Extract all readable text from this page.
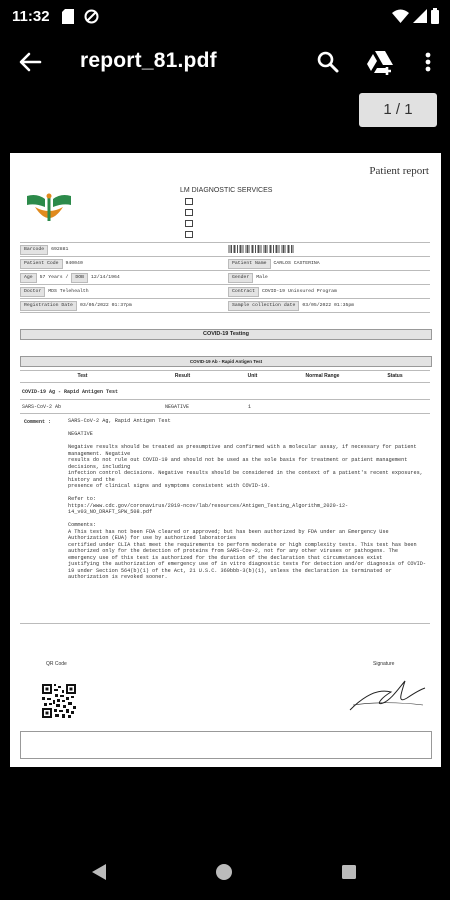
11:32
report_81.pdf
1 / 1
Patient report
LM DIAGNOSTIC SERVICES
Barcode 692881
Patient Code 940040	Patient Name CARLOS CASTERINA
Age 57 Years / DOB 12/14/1964	Gender Male
Doctor MDS Telehealth	Contract COVID-19 Uninsured Program
Registration Date 03/05/2022 01:37pm	Sample collection date 03/05/2022 01:35pm
COVID-19 Testing
COVID-19 Ab - Rapid Antigen Test
Test	Result	Unit	Normal Range	Status
COVID-19 Ag - Rapid Antigen Test
SARS-CoV-2 Ab	NEGATIVE	1
Comment :	SARS-CoV-2 Ag, Rapid Antigen Test

NEGATIVE

Negative results should be treated as presumptive and confirmed with a molecular assay, if necessary for patient management. Negative
results do not rule out COVID-19 and should not be used as the sole basis for treatment or patient management decisions, including
infection control decisions. Negative results should be considered in the context of a patient's recent exposures, history and the
presence of clinical signs and symptoms consistent with COVID-19.

Refer to:
https://www.cdc.gov/coronavirus/2019-ncov/lab/resources/Antigen_Testing_Algorithm_2020-12-14_v03_NO_DRAFT_SPW_508.pdf

Comments:
A This test has not been FDA cleared or approved; but has been authorized by FDA under an Emergency Use Authorization (EUA) for use by authorized laboratories
certified under CLIA that meet the requirements to perform moderate or high complexity tests. This test has been authorized only for the detection of proteins from SARS-Cov-2, not for any other viruses or pathogens. The emergency use of this test is authorized for the duration of the declaration that circumstances exist
justifying the authorization of emergency use of in vitro diagnostic tests for detection and/or diagnosis of COVID-19 under Section 564(b)(1) of the Act, 21 U.S.C. 360bbb-3(b)(1), unless the declaration is terminated or authorization is revoked sooner.
QR Code	Signature
